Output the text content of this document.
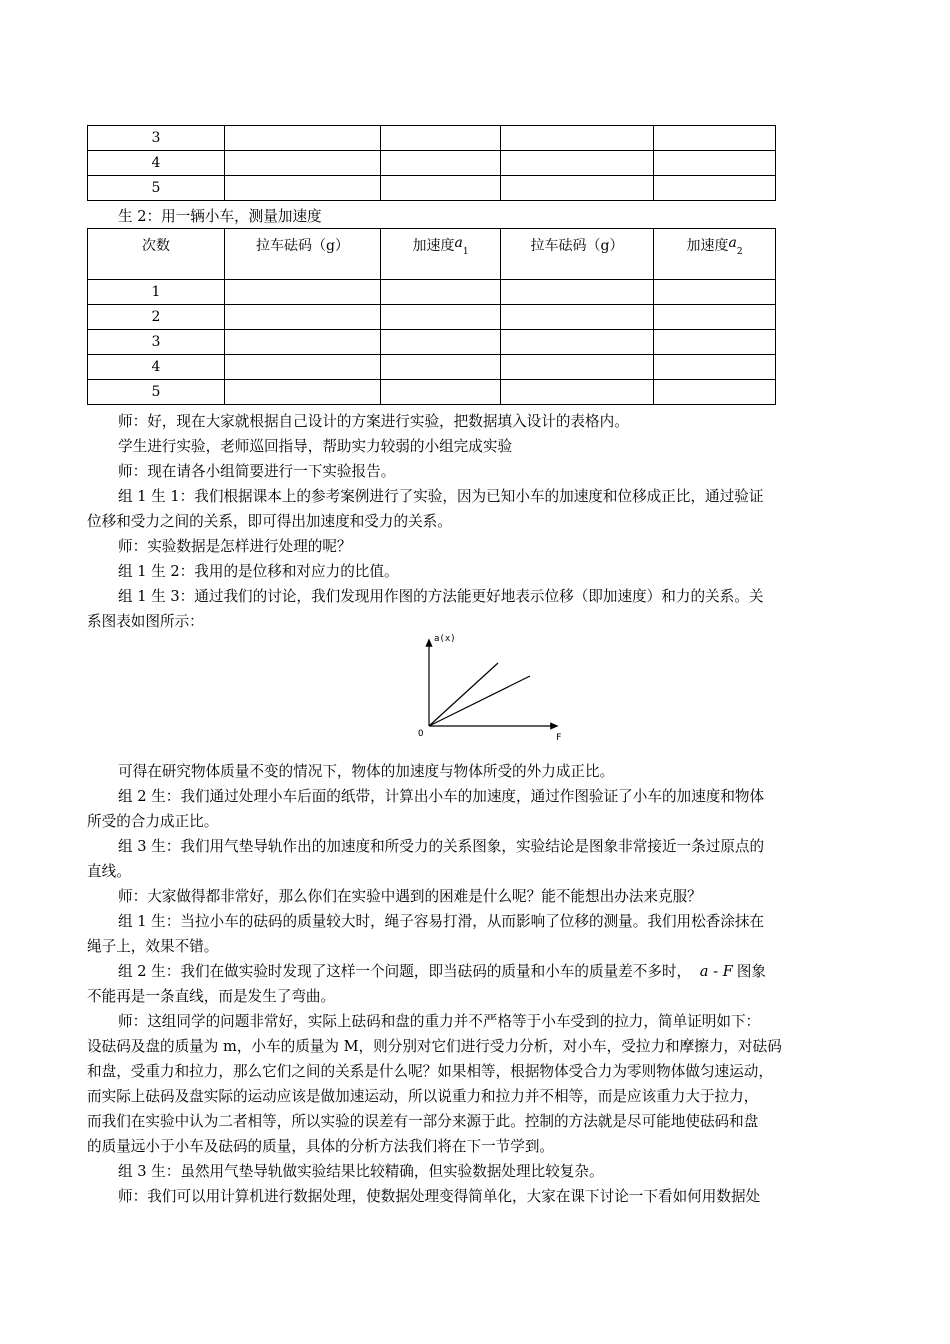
3				
4				
5				
生 2：用一辆小车，测量加速度
次数	拉车砝码（g）	加速度$a_1$	拉车砝码（g）	加速度$a_2$
1				
2				
3				
4				
5				
师：好，现在大家就根据自己设计的方案进行实验，把数据填入设计的表格内。
学生进行实验，老师巡回指导，帮助实力较弱的小组完成实验
师：现在请各小组简要进行一下实验报告。
组 1 生 1：我们根据课本上的参考案例进行了实验，因为已知小车的加速度和位移成正比，通过验证
位移和受力之间的关系，即可得出加速度和受力的关系。
师：实验数据是怎样进行处理的呢？
组 1 生 2：我用的是位移和对应力的比值。
组 1 生 3：通过我们的讨论，我们发现用作图的方法能更好地表示位移（即加速度）和力的关系。关
系图表如图所示：
a(x)
F
O
可得在研究物体质量不变的情况下，物体的加速度与物体所受的外力成正比。
组 2 生：我们通过处理小车后面的纸带，计算出小车的加速度，通过作图验证了小车的加速度和物体
所受的合力成正比。
组 3 生：我们用气垫导轨作出的加速度和所受力的关系图象，实验结论是图象非常接近一条过原点的
直线。
师：大家做得都非常好，那么你们在实验中遇到的困难是什么呢？能不能想出办法来克服？
组 1 生：当拉小车的砝码的质量较大时，绳子容易打滑，从而影响了位移的测量。我们用松香涂抹在
绳子上，效果不错。
组 2 生：我们在做实验时发现了这样一个问题，即当砝码的质量和小车的质量差不多时， a - F 图象
不能再是一条直线，而是发生了弯曲。
师：这组同学的问题非常好，实际上砝码和盘的重力并不严格等于小车受到的拉力，简单证明如下：
设砝码及盘的质量为 m，小车的质量为 M，则分别对它们进行受力分析，对小车，受拉力和摩擦力，对砝码
和盘，受重力和拉力，那么它们之间的关系是什么呢？如果相等，根据物体受合力为零则物体做匀速运动，
而实际上砝码及盘实际的运动应该是做加速运动，所以说重力和拉力并不相等，而是应该重力大于拉力，
而我们在实验中认为二者相等，所以实验的误差有一部分来源于此。控制的方法就是尽可能地使砝码和盘
的质量远小于小车及砝码的质量，具体的分析方法我们将在下一节学到。
组 3 生：虽然用气垫导轨做实验结果比较精确，但实验数据处理比较复杂。
师：我们可以用计算机进行数据处理，使数据处理变得简单化，大家在课下讨论一下看如何用数据处
